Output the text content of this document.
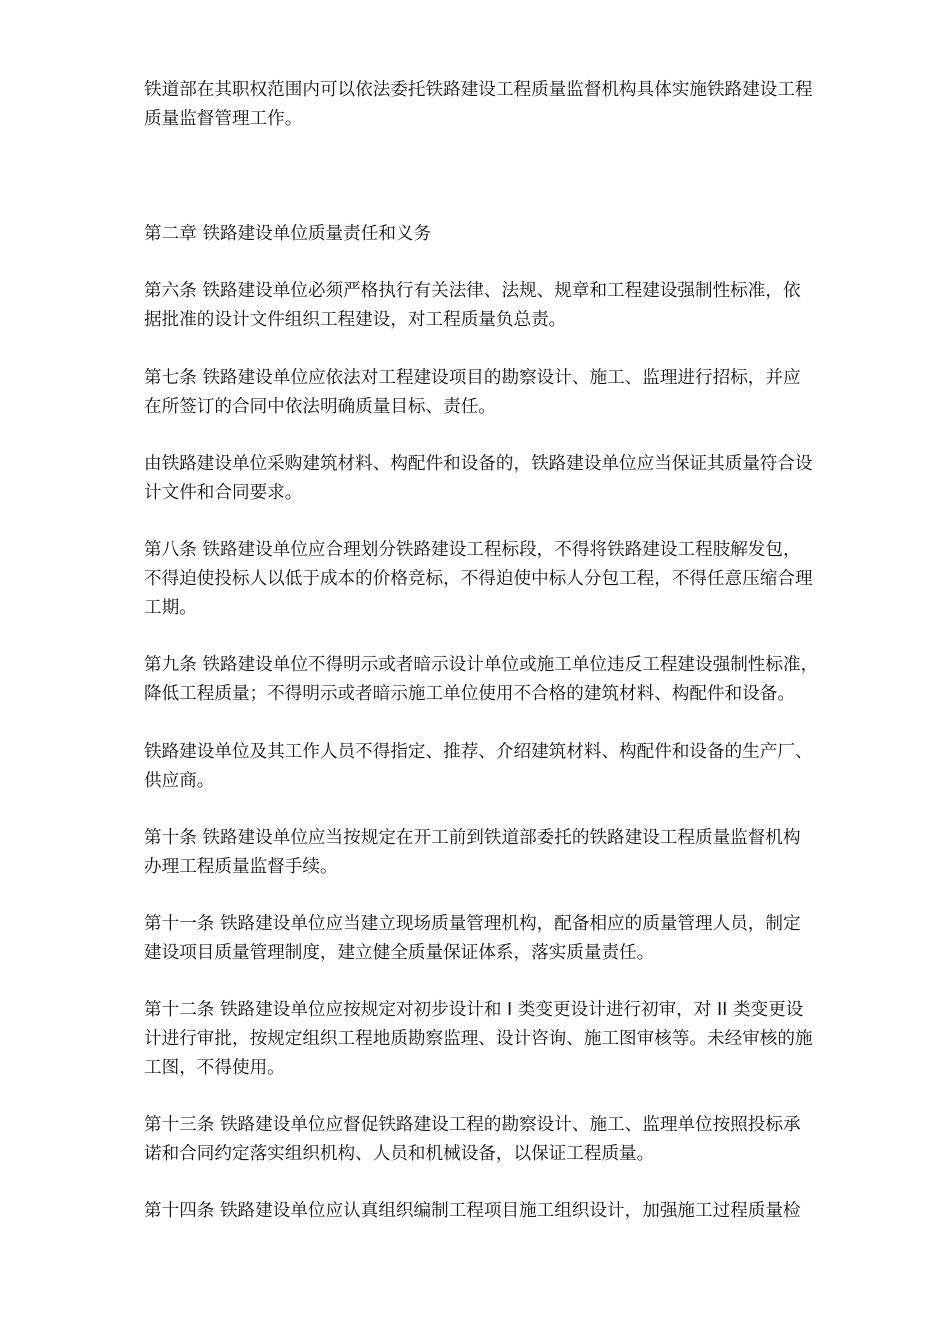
铁道部在其职权范围内可以依法委托铁路建设工程质量监督机构具体实施铁路建设工程
质量监督管理工作。

第二章 铁路建设单位质量责任和义务

第六条 铁路建设单位必须严格执行有关法律、法规、规章和工程建设强制性标准，依
据批准的设计文件组织工程建设，对工程质量负总责。

第七条 铁路建设单位应依法对工程建设项目的勘察设计、施工、监理进行招标，并应
在所签订的合同中依法明确质量目标、责任。

由铁路建设单位采购建筑材料、构配件和设备的，铁路建设单位应当保证其质量符合设
计文件和合同要求。

第八条 铁路建设单位应合理划分铁路建设工程标段，不得将铁路建设工程肢解发包，
不得迫使投标人以低于成本的价格竞标，不得迫使中标人分包工程，不得任意压缩合理
工期。

第九条 铁路建设单位不得明示或者暗示设计单位或施工单位违反工程建设强制性标准，
降低工程质量；不得明示或者暗示施工单位使用不合格的建筑材料、构配件和设备。

铁路建设单位及其工作人员不得指定、推荐、介绍建筑材料、构配件和设备的生产厂、
供应商。

第十条 铁路建设单位应当按规定在开工前到铁道部委托的铁路建设工程质量监督机构
办理工程质量监督手续。

第十一条 铁路建设单位应当建立现场质量管理机构，配备相应的质量管理人员，制定
建设项目质量管理制度，建立健全质量保证体系，落实质量责任。

第十二条 铁路建设单位应按规定对初步设计和 I 类变更设计进行初审，对 II 类变更设
计进行审批，按规定组织工程地质勘察监理、设计咨询、施工图审核等。未经审核的施
工图，不得使用。

第十三条 铁路建设单位应督促铁路建设工程的勘察设计、施工、监理单位按照投标承
诺和合同约定落实组织机构、人员和机械设备，以保证工程质量。

第十四条 铁路建设单位应认真组织编制工程项目施工组织设计，加强施工过程质量检
